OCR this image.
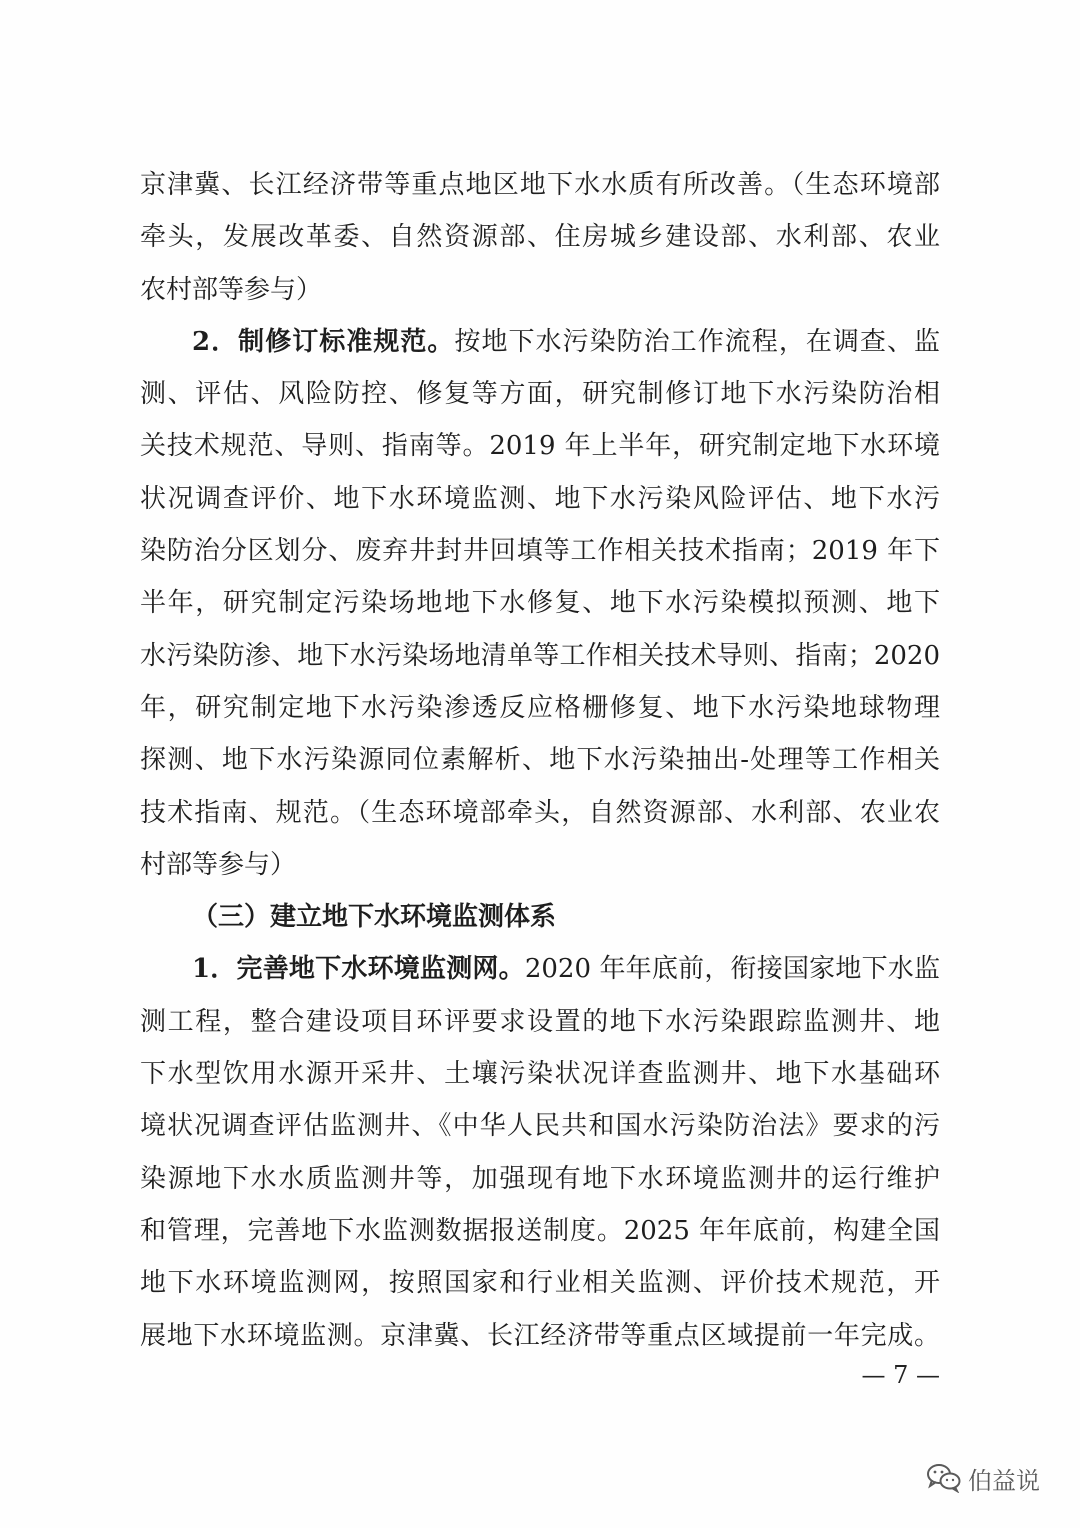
京津冀、长江经济带等重点地区地下水水质有所改善。（生态环境部
牵头，发展改革委、自然资源部、住房城乡建设部、水利部、农业
农村部等参与）
2．制修订标准规范。按地下水污染防治工作流程，在调查、监
测、评估、风险防控、修复等方面，研究制修订地下水污染防治相
关技术规范、导则、指南等。2019 年上半年，研究制定地下水环境
状况调查评价、地下水环境监测、地下水污染风险评估、地下水污
染防治分区划分、废弃井封井回填等工作相关技术指南；2019 年下
半年，研究制定污染场地地下水修复、地下水污染模拟预测、地下
水污染防渗、地下水污染场地清单等工作相关技术导则、指南；2020
年，研究制定地下水污染渗透反应格栅修复、地下水污染地球物理
探测、地下水污染源同位素解析、地下水污染抽出-处理等工作相关
技术指南、规范。（生态环境部牵头，自然资源部、水利部、农业农
村部等参与）
（三）建立地下水环境监测体系
1．完善地下水环境监测网。2020 年年底前，衔接国家地下水监
测工程，整合建设项目环评要求设置的地下水污染跟踪监测井、地
下水型饮用水源开采井、土壤污染状况详查监测井、地下水基础环
境状况调查评估监测井、《中华人民共和国水污染防治法》要求的污
染源地下水水质监测井等，加强现有地下水环境监测井的运行维护
和管理，完善地下水监测数据报送制度。2025 年年底前，构建全国
地下水环境监测网，按照国家和行业相关监测、评价技术规范，开
展地下水环境监测。京津冀、长江经济带等重点区域提前一年完成。
— 7 —
伯益说
